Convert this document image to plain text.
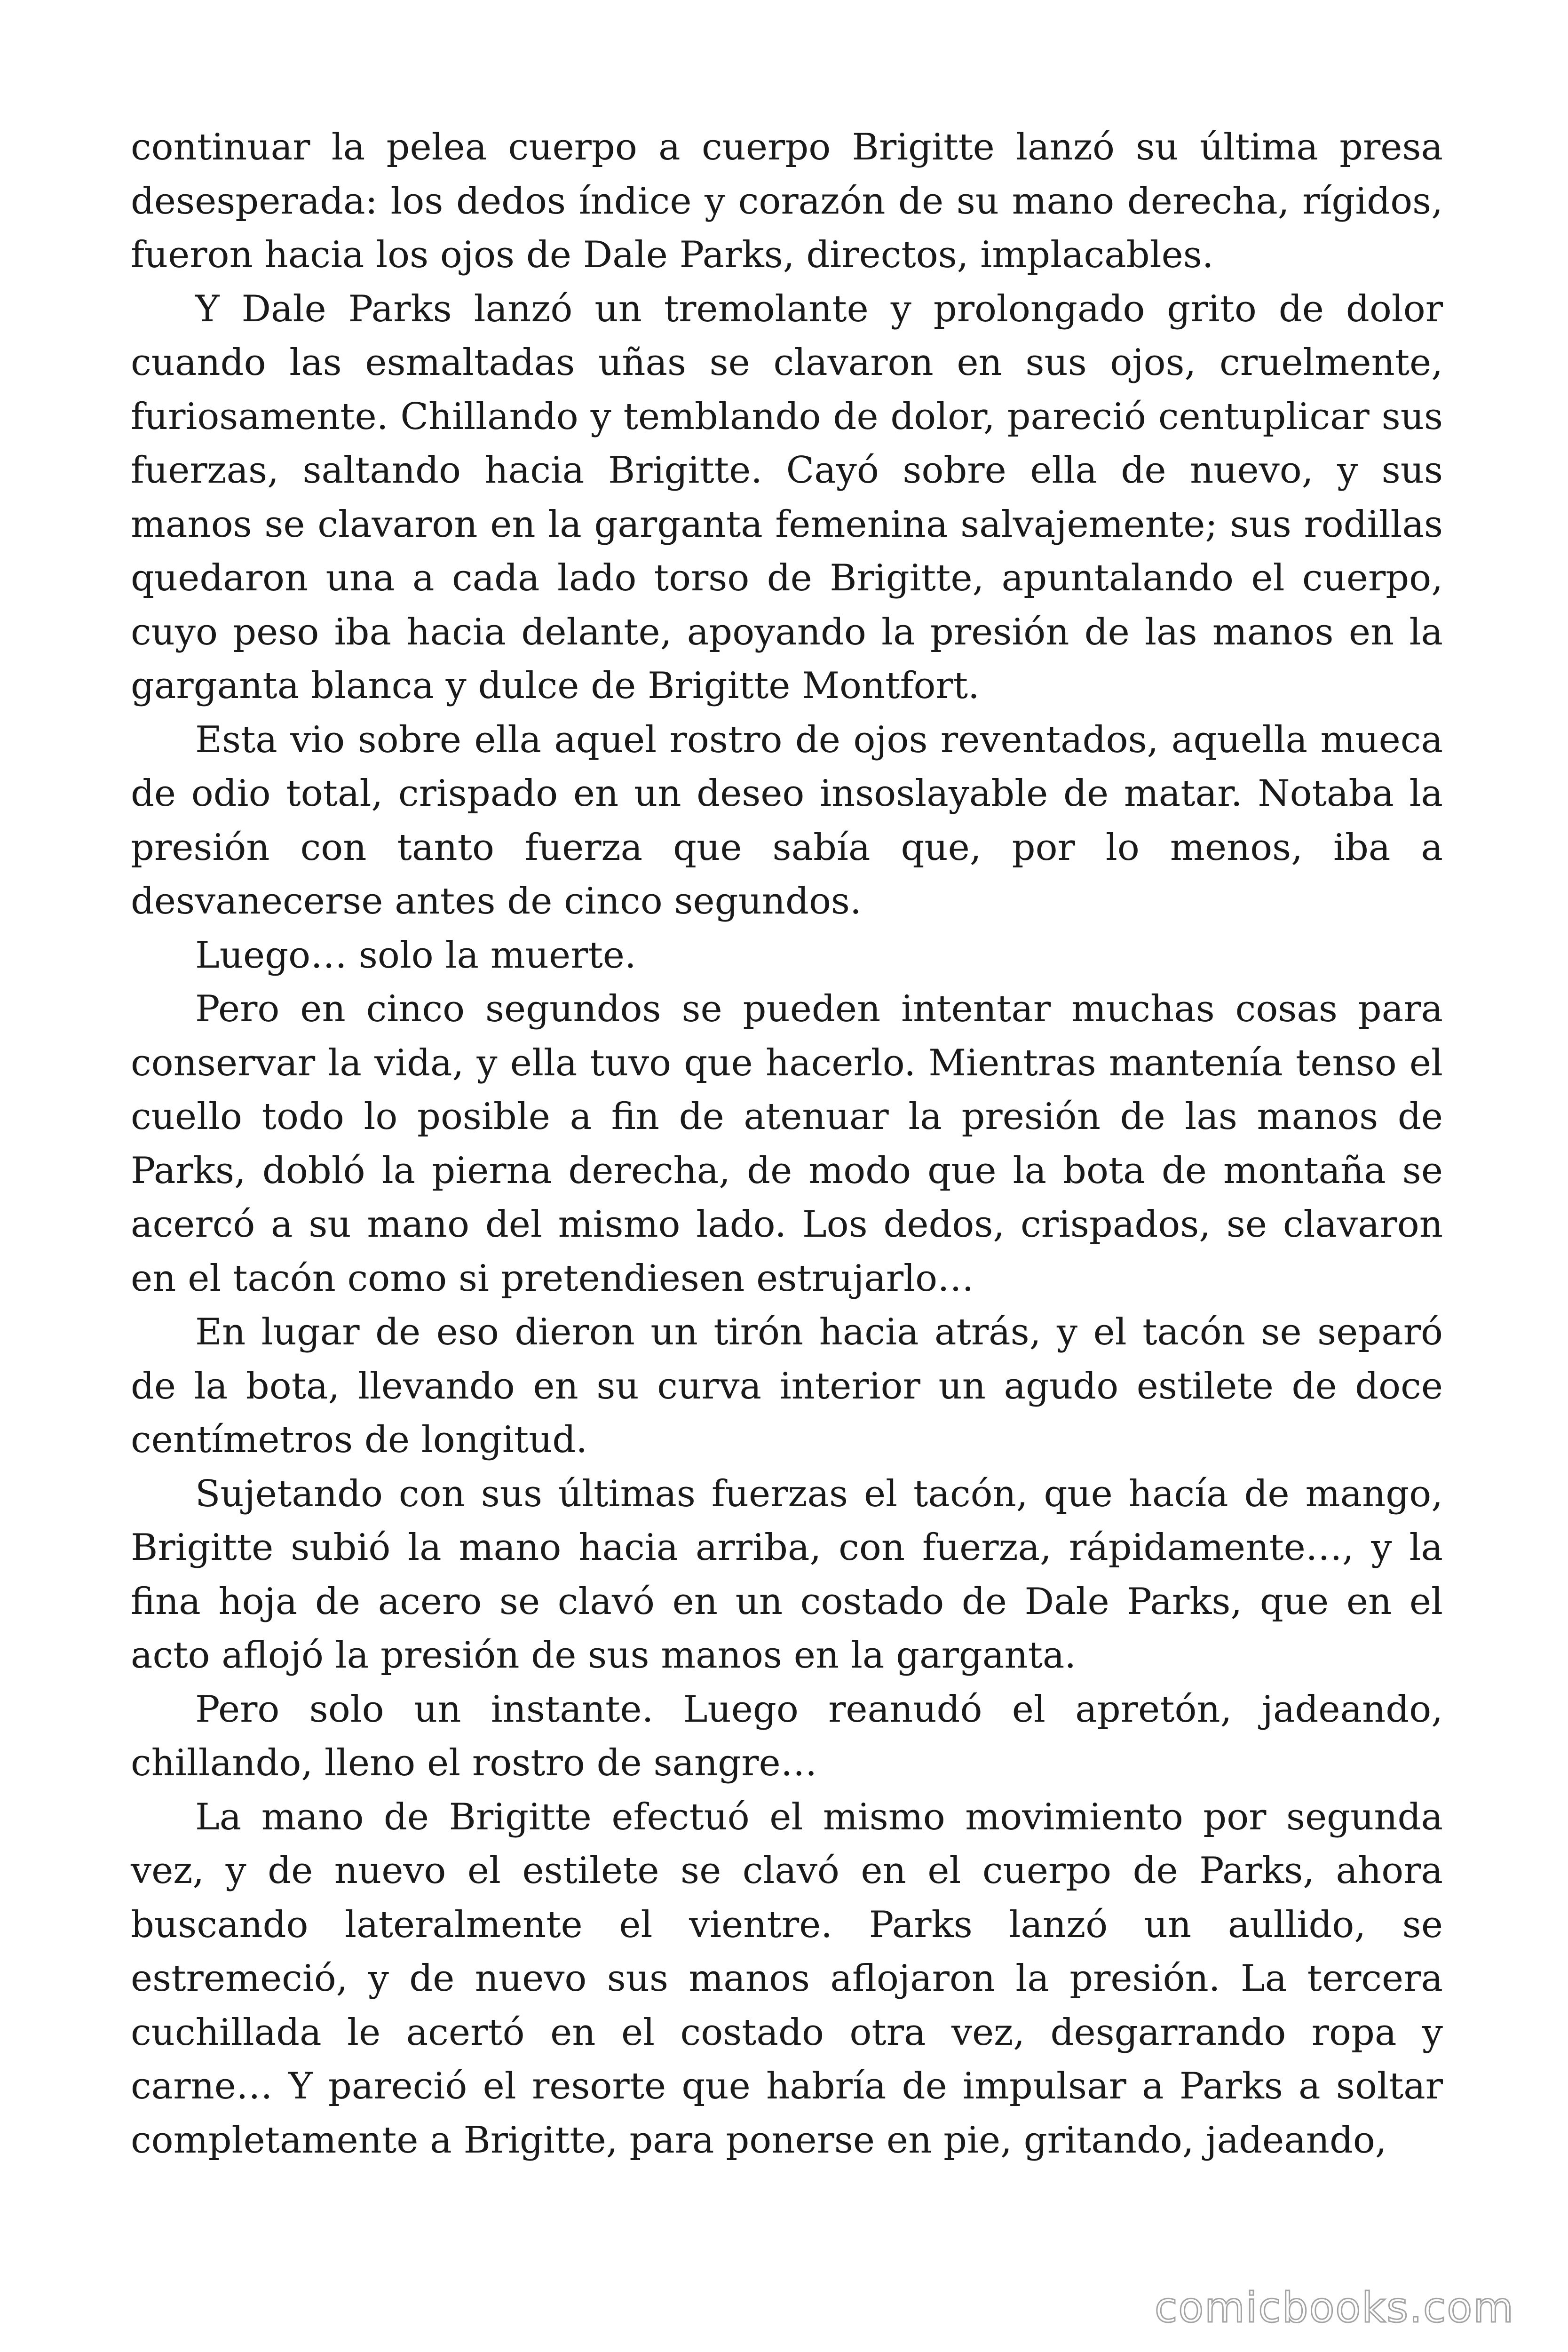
continuar la pelea cuerpo a cuerpo Brigitte lanzó su última presa desesperada: los dedos índice y corazón de su mano derecha, rígidos, fueron hacia los ojos de Dale Parks, directos, implacables.

Y Dale Parks lanzó un tremolante y prolongado grito de dolor cuando las esmaltadas uñas se clavaron en sus ojos, cruelmente, furiosamente. Chillando y temblando de dolor, pareció centuplicar sus fuerzas, saltando hacia Brigitte. Cayó sobre ella de nuevo, y sus manos se clavaron en la garganta femenina salvajemente; sus rodillas quedaron una a cada lado torso de Brigitte, apuntalando el cuerpo, cuyo peso iba hacia delante, apoyando la presión de las manos en la garganta blanca y dulce de Brigitte Montfort.

Esta vio sobre ella aquel rostro de ojos reventados, aquella mueca de odio total, crispado en un deseo insoslayable de matar. Notaba la presión con tanto fuerza que sabía que, por lo menos, iba a desvanecerse antes de cinco segundos.

Luego… solo la muerte.

Pero en cinco segundos se pueden intentar muchas cosas para conservar la vida, y ella tuvo que hacerlo. Mientras mantenía tenso el cuello todo lo posible a fin de atenuar la presión de las manos de Parks, dobló la pierna derecha, de modo que la bota de montaña se acercó a su mano del mismo lado. Los dedos, crispados, se clavaron en el tacón como si pretendiesen estrujarlo…

En lugar de eso dieron un tirón hacia atrás, y el tacón se separó de la bota, llevando en su curva interior un agudo estilete de doce centímetros de longitud.

Sujetando con sus últimas fuerzas el tacón, que hacía de mango, Brigitte subió la mano hacia arriba, con fuerza, rápidamente…, y la fina hoja de acero se clavó en un costado de Dale Parks, que en el acto aflojó la presión de sus manos en la garganta.

Pero solo un instante. Luego reanudó el apretón, jadeando, chillando, lleno el rostro de sangre…

La mano de Brigitte efectuó el mismo movimiento por segunda vez, y de nuevo el estilete se clavó en el cuerpo de Parks, ahora buscando lateralmente el vientre. Parks lanzó un aullido, se estremeció, y de nuevo sus manos aflojaron la presión. La tercera cuchillada le acertó en el costado otra vez, desgarrando ropa y carne… Y pareció el resorte que habría de impulsar a Parks a soltar completamente a Brigitte, para ponerse en pie, gritando, jadeando,

comicbooks.com
